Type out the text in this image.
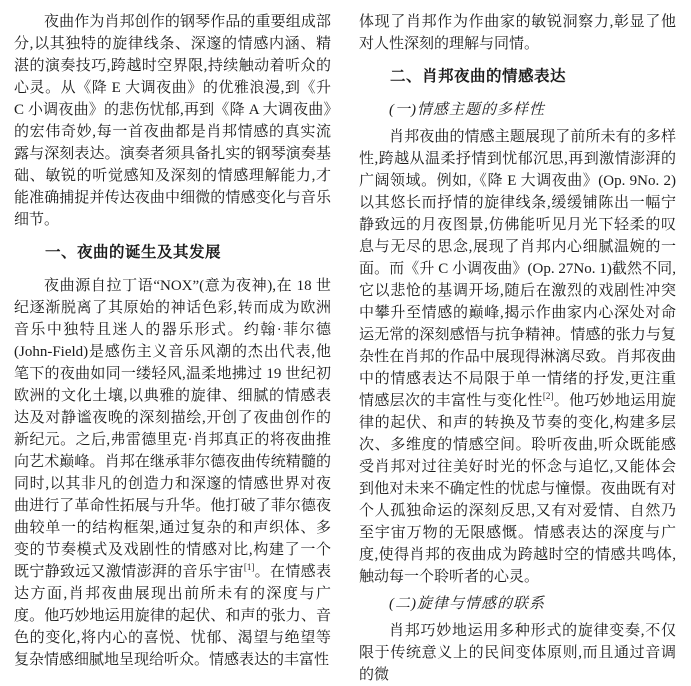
夜曲作为肖邦创作的钢琴作品的重要组成部分,以其独特的旋律线条、深邃的情感内涵、精湛的演奏技巧,跨越时空界限,持续触动着听众的心灵。从《降 E 大调夜曲》的优雅浪漫,到《升 C 小调夜曲》的悲伤忧郁,再到《降 A 大调夜曲》的宏伟奇妙,每一首夜曲都是肖邦情感的真实流露与深刻表达。演奏者须具备扎实的钢琴演奏基础、敏锐的听觉感知及深刻的情感理解能力,才能准确捕捉并传达夜曲中细微的情感变化与音乐细节。

一、夜曲的诞生及其发展

夜曲源自拉丁语“NOX”(意为夜神),在 18 世纪逐渐脱离了其原始的神话色彩,转而成为欧洲音乐中独特且迷人的器乐形式。约翰·菲尔德(John-Field)是感伤主义音乐风潮的杰出代表,他笔下的夜曲如同一缕轻风,温柔地拂过 19 世纪初欧洲的文化土壤,以典雅的旋律、细腻的情感表达及对静谧夜晚的深刻描绘,开创了夜曲创作的新纪元。之后,弗雷德里克·肖邦真正的将夜曲推向艺术巅峰。肖邦在继承菲尔德夜曲传统精髓的同时,以其非凡的创造力和深邃的情感世界对夜曲进行了革命性拓展与升华。他打破了菲尔德夜曲较单一的结构框架,通过复杂的和声织体、多变的节奏模式及戏剧性的情感对比,构建了一个既宁静致远又激情澎湃的音乐宇宙[1]。在情感表达方面,肖邦夜曲展现出前所未有的深度与广度。他巧妙地运用旋律的起伏、和声的张力、音色的变化,将内心的喜悦、忧郁、渴望与绝望等复杂情感细腻地呈现给听众。情感表达的丰富性

体现了肖邦作为作曲家的敏锐洞察力,彰显了他对人性深刻的理解与同情。

二、肖邦夜曲的情感表达

(一)情感主题的多样性

肖邦夜曲的情感主题展现了前所未有的多样性,跨越从温柔抒情到忧郁沉思,再到激情澎湃的广阔领域。例如,《降 E 大调夜曲》(Op. 9No. 2)以其悠长而抒情的旋律线条,缓缓铺陈出一幅宁静致远的月夜图景,仿佛能听见月光下轻柔的叹息与无尽的思念,展现了肖邦内心细腻温婉的一面。而《升 C 小调夜曲》(Op. 27No. 1)截然不同,它以悲怆的基调开场,随后在激烈的戏剧性冲突中攀升至情感的巅峰,揭示作曲家内心深处对命运无常的深刻感悟与抗争精神。情感的张力与复杂性在肖邦的作品中展现得淋漓尽致。肖邦夜曲中的情感表达不局限于单一情绪的抒发,更注重情感层次的丰富性与变化性[2]。他巧妙地运用旋律的起伏、和声的转换及节奏的变化,构建多层次、多维度的情感空间。聆听夜曲,听众既能感受肖邦对过往美好时光的怀念与追忆,又能体会到他对未来不确定性的忧虑与憧憬。夜曲既有对个人孤独命运的深刻反思,又有对爱情、自然乃至宇宙万物的无限感慨。情感表达的深度与广度,使得肖邦的夜曲成为跨越时空的情感共鸣体,触动每一个聆听者的心灵。

(二)旋律与情感的联系

肖邦巧妙地运用多种形式的旋律变奏,不仅限于传统意义上的民间变体原则,而且通过音调的微
